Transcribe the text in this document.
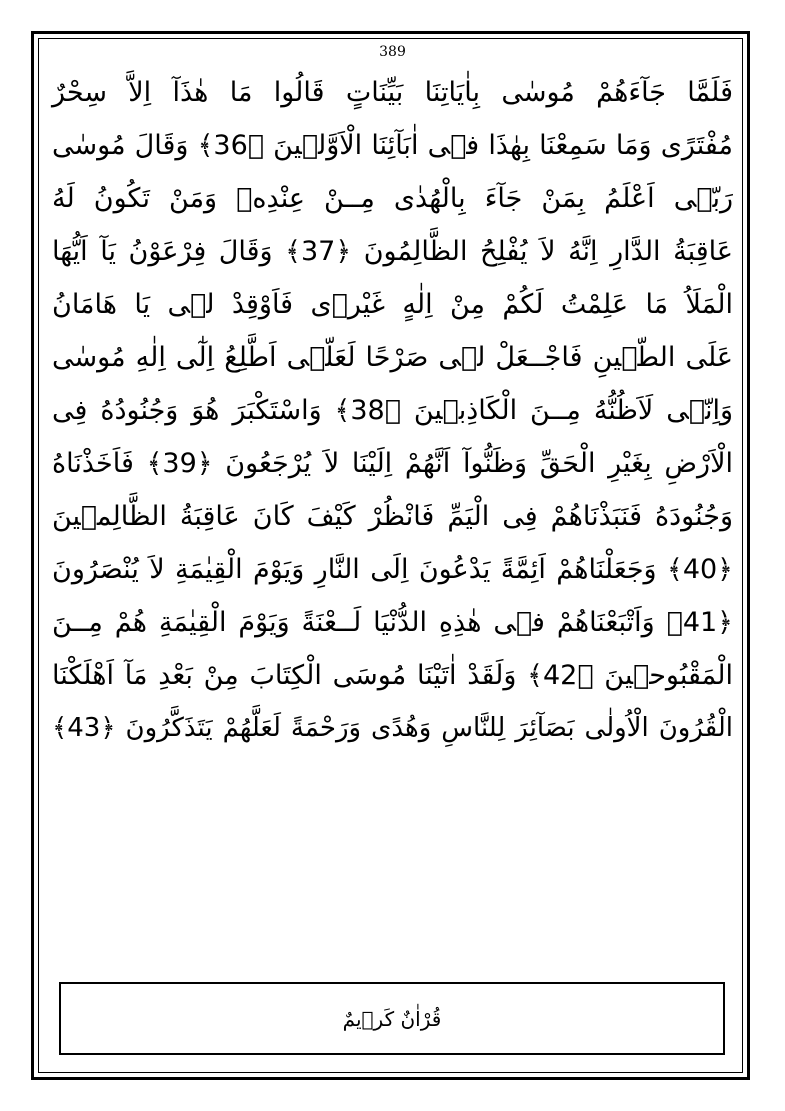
389
فَلَمَّا جَآءَهُمْ مُوسٰى بِاٰيَاتِنَا بَيِّنَاتٍ قَالُوا مَا هٰذَآ اِلاَّ سِحْرٌ
مُفْتَرًى وَمَا سَمِعْنَا بِهٰذَا فٖى اٰبَآئِنَا الْاَوَّلٖينَ ﴿36﴾ وَقَالَ مُوسٰى
رَبّٖى اَعْلَمُ بِمَنْ جَآءَ بِالْهُدٰى مِــنْ عِنْدِهٖ وَمَنْ تَكُونُ لَهُ
عَاقِبَةُ الدَّارِ اِنَّهُ لاَ يُفْلِحُ الظَّالِمُونَ ﴿37﴾ وَقَالَ فِرْعَوْنُ يَآ اَيُّهَا
الْمَلَاُ مَا عَلِمْتُ لَكُمْ مِنْ اِلٰهٍ غَيْرٖى فَاَوْقِدْ لٖى يَا هَامَانُ
عَلَى الطّٖينِ فَاجْــعَلْ لٖى صَرْحًا لَعَلّٖى اَطَّلِعُ اِلٰٓى اِلٰهِ مُوسٰى
وَاِنّٖى لَاَظُنُّهُ مِــنَ الْكَاذِبٖينَ ﴿38﴾ وَاسْتَكْبَرَ هُوَ وَجُنُودُهُ فِى
الْاَرْضِ بِغَيْرِ الْحَقِّ وَظَنُّوآ اَنَّهُمْ اِلَيْنَا لاَ يُرْجَعُونَ ﴿39﴾ فَاَخَذْنَاهُ
وَجُنُودَهُ فَنَبَذْنَاهُمْ فِى الْيَمِّ فَانْظُرْ كَيْفَ كَانَ عَاقِبَةُ الظَّالِمٖينَ
﴿40﴾ وَجَعَلْنَاهُمْ اَئِمَّةً يَدْعُونَ اِلَى النَّارِ وَيَوْمَ الْقِيٰمَةِ لاَ يُنْصَرُونَ
﴿41﴾ وَاَتْبَعْنَاهُمْ فٖى هٰذِهِ الدُّنْيَا لَــعْنَةً وَيَوْمَ الْقِيٰمَةِ هُمْ مِــنَ
الْمَقْبُوحٖينَ ﴿42﴾ وَلَقَدْ اٰتَيْنَا مُوسَى الْكِتَابَ مِنْ بَعْدِ مَآ اَهْلَكْنَا
الْقُرُونَ الْاُولٰى بَصَآئِرَ لِلنَّاسِ وَهُدًى وَرَحْمَةً لَعَلَّهُمْ يَتَذَكَّرُونَ ﴿43﴾
قُرْاٰنٌ كَرٖيمٌ
